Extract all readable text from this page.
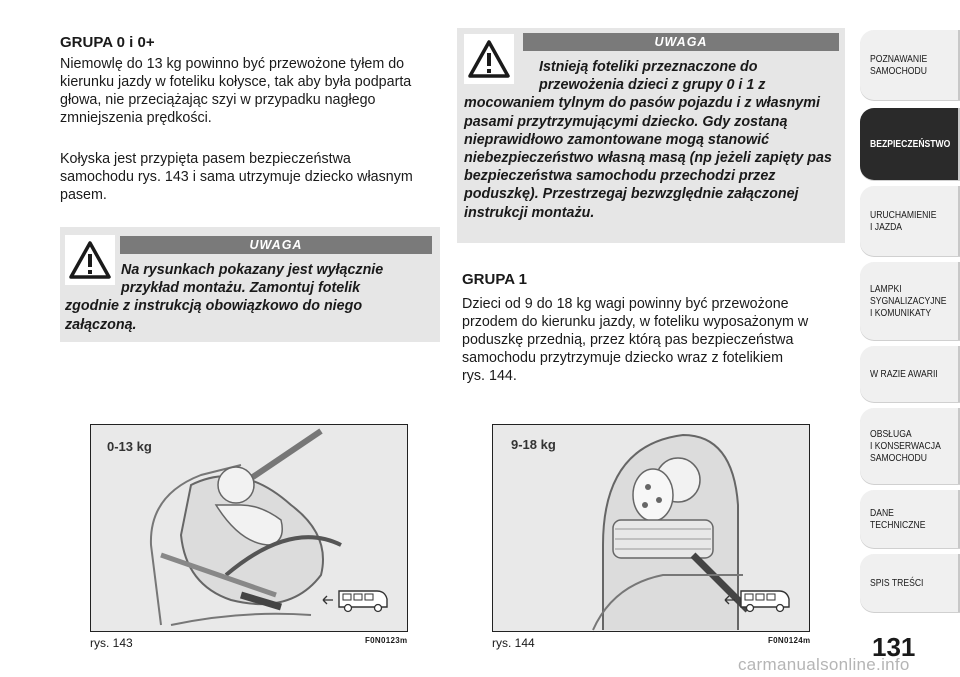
GRUPA 0 i 0+
Niemowlę do 13 kg powinno być przewożone tyłem do
kierunku jazdy w foteliku kołysce, tak aby była podparta
głowa, nie przeciążając szyi w przypadku nagłego
zmniejszenia prędkości.
Kołyska jest przypięta pasem bezpieczeństwa
samochodu rys. 143 i sama utrzymuje dziecko własnym
pasem.
UWAGA
Na rysunkach pokazany jest wyłącznie
przykład montażu. Zamontuj fotelik
zgodnie z instrukcją obowiązkowo do niego załączoną.
UWAGA
Istnieją foteliki przeznaczone do
przewożenia dzieci z grupy 0 i 1 z
mocowaniem tylnym do pasów pojazdu i z własnymi pasami przytrzymującymi dziecko. Gdy zostaną nieprawidłowo zamontowane mogą stanowić niebezpieczeństwo własną masą (np jeżeli zapięty pas bezpieczeństwa samochodu przechodzi przez poduszkę). Przestrzegaj bezwzględnie załączonej instrukcji montażu.
GRUPA 1
Dzieci od 9 do 18 kg wagi powinny być przewożone
przodem do kierunku jazdy, w foteliku wyposażonym w
poduszkę przednią, przez którą pas bezpieczeństwa
samochodu przytrzymuje dziecko wraz z fotelikiem
rys. 144.
0-13 kg
rys. 143	F0N0123m
9-18 kg
rys. 144	F0N0124m
POZNAWANIE
SAMOCHODU
BEZPIECZEŃSTWO
URUCHAMIENIE
I JAZDA
LAMPKI
SYGNALIZACYJNE
I KOMUNIKATY
W RAZIE AWARII
OBSŁUGA
I KONSERWACJA
SAMOCHODU
DANE TECHNICZNE
SPIS TREŚCI
131
carmanualsonline.info
